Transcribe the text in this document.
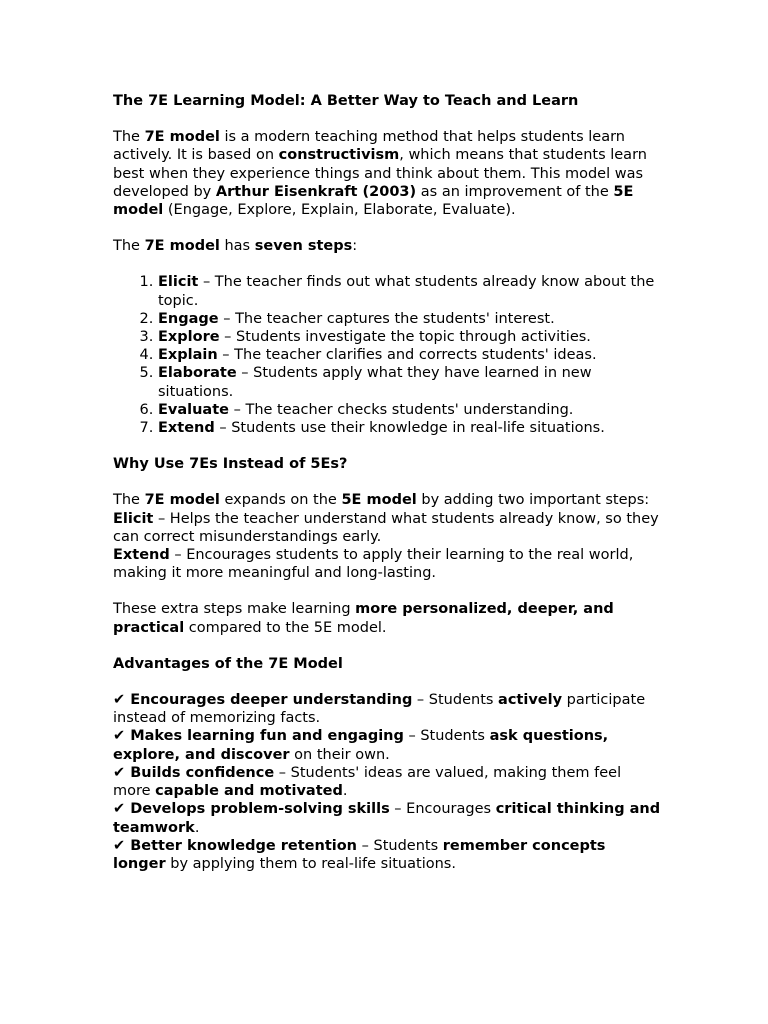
The 7E Learning Model: A Better Way to Teach and Learn

The 7E model is a modern teaching method that helps students learn actively. It is based on constructivism, which means that students learn best when they experience things and think about them. This model was developed by Arthur Eisenkraft (2003) as an improvement of the 5E model (Engage, Explore, Explain, Elaborate, Evaluate).

The 7E model has seven steps:

1. Elicit – The teacher finds out what students already know about the topic.
2. Engage – The teacher captures the students' interest.
3. Explore – Students investigate the topic through activities.
4. Explain – The teacher clarifies and corrects students' ideas.
5. Elaborate – Students apply what they have learned in new situations.
6. Evaluate – The teacher checks students' understanding.
7. Extend – Students use their knowledge in real-life situations.

Why Use 7Es Instead of 5Es?

The 7E model expands on the 5E model by adding two important steps:

Elicit – Helps the teacher understand what students already know, so they can correct misunderstandings early.

Extend – Encourages students to apply their learning to the real world, making it more meaningful and long-lasting.

These extra steps make learning more personalized, deeper, and practical compared to the 5E model.

Advantages of the 7E Model

✔ Encourages deeper understanding – Students actively participate instead of memorizing facts.

✔ Makes learning fun and engaging – Students ask questions, explore, and discover on their own.

✔ Builds confidence – Students' ideas are valued, making them feel more capable and motivated.

✔ Develops problem-solving skills – Encourages critical thinking and teamwork.

✔ Better knowledge retention – Students remember concepts longer by applying them to real-life situations.
